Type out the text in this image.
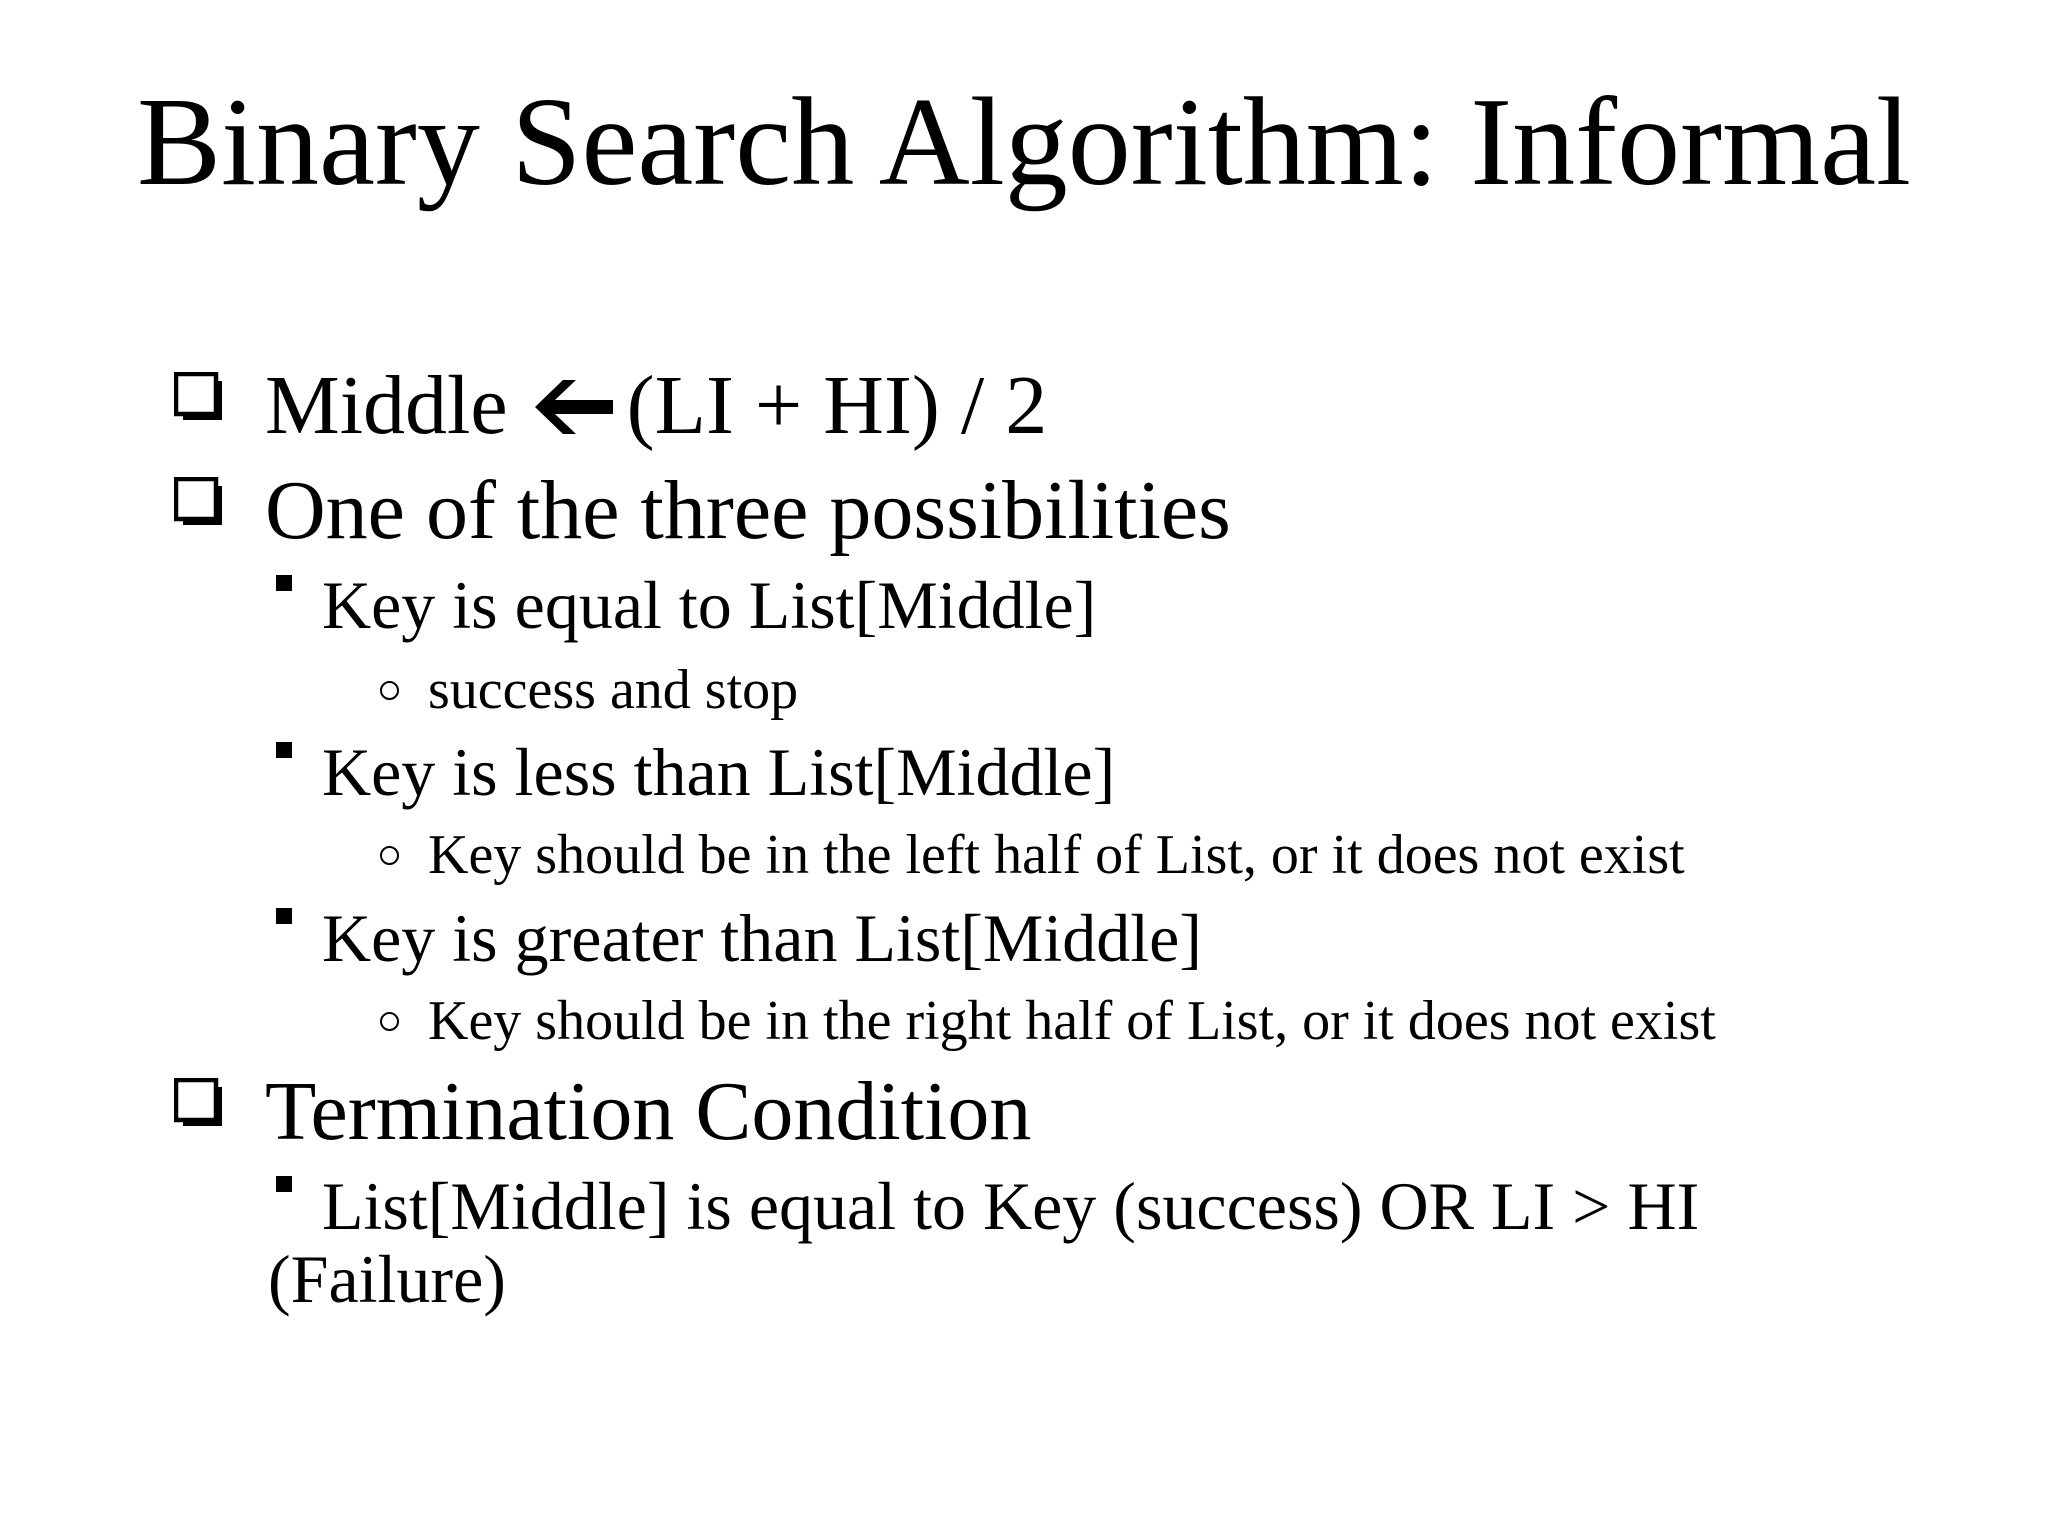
Binary Search Algorithm: Informal
Middle (LI + HI) / 2
One of the three possibilities
Key is equal to List[Middle]
success and stop
Key is less than List[Middle]
Key should be in the left half of List, or it does not exist
Key is greater than List[Middle]
Key should be in the right half of List, or it does not exist
Termination Condition
List[Middle] is equal to Key (success) OR LI > HI
(Failure)
